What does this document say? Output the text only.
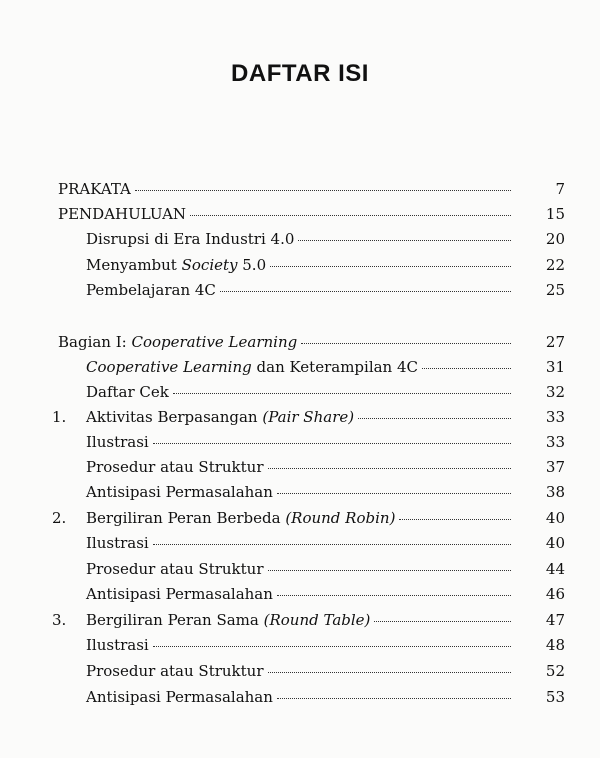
DAFTAR ISI
PRAKATA	7
PENDAHULUAN	15
Disrupsi di Era Industri 4.0	20
Menyambut Society 5.0	22
Pembelajaran 4C	25
Bagian I: Cooperative Learning	27
Cooperative Learning dan Keterampilan 4C	31
Daftar Cek	32
1.	Aktivitas Berpasangan (Pair Share)	33
Ilustrasi	33
Prosedur atau Struktur	37
Antisipasi Permasalahan	38
2.	Bergiliran Peran Berbeda (Round Robin)	40
Ilustrasi	40
Prosedur atau Struktur	44
Antisipasi Permasalahan	46
3.	Bergiliran Peran Sama (Round Table)	47
Ilustrasi	48
Prosedur atau Struktur	52
Antisipasi Permasalahan	53
